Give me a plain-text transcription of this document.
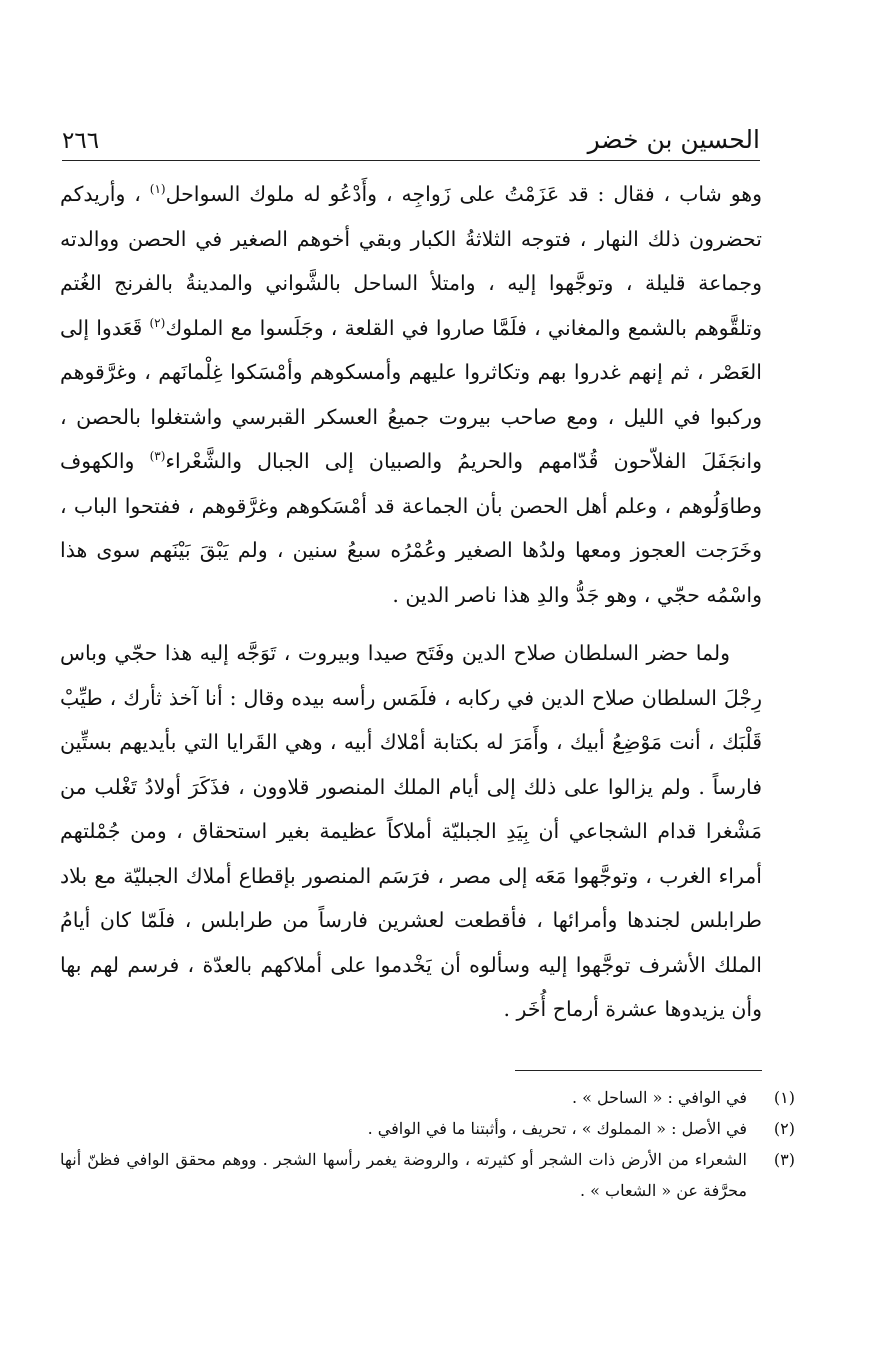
الحسين بن خضر
٢٦٦

وهو شاب ، فقال : قد عَزَمْتُ على زَواجِه ، وأَدْعُو له ملوك السواحل$^{(١)}$ ، وأريدكم تحضرون ذلك النهار ، فتوجه الثلاثةُ الكبار وبقي أخوهم الصغير في الحصن ووالدته وجماعة قليلة ، وتوجَّهوا إليه ، وامتلأ الساحل بالشَّواني والمدينةُ بالفرنج الغُتم وتلقَّوهم بالشمع والمغاني ، فلَمَّا صاروا في القلعة ، وجَلَسوا مع الملوك$^{(٢)}$ قَعَدوا إلى العَصْر ، ثم إنهم غدروا بهم وتكاثروا عليهم وأمسكوهم وأمْسَكوا غِلْمانَهم ، وغرَّقوهم وركبوا في الليل ، ومع صاحب بيروت جميعُ العسكر القبرسي واشتغلوا بالحصن ، وانجَفَلَ الفلاّحون قُدّامهم والحريمُ والصبيان إلى الجبال والشَّعْراء$^{(٣)}$ والكهوف وطاوَلُوهم ، وعلم أهل الحصن بأن الجماعة قد أمْسَكوهم وغرَّقوهم ، ففتحوا الباب ، وخَرَجت العجوز ومعها ولدُها الصغير وعُمْرُه سبعُ سنين ، ولم يَبْقَ بَيْنَهم سوى هذا واسْمُه حجّي ، وهو جَدُّ والدِ هذا ناصر الدين .

ولما حضر السلطان صلاح الدين وفَتَح صيدا وبيروت ، تَوَجَّه إليه هذا حجّي وباس رِجْلَ السلطان صلاح الدين في ركابه ، فلَمَس رأسه بيده وقال : أنا آخذ ثأرك ، طيِّبْ قَلْبَك ، أنت مَوْضِعُ أبيك ، وأَمَرَ له بكتابة أمْلاك أبيه ، وهي القَرايا التي بأيديهم بستِّين فارساً . ولم يزالوا على ذلك إلى أيام الملك المنصور قلاوون ، فذَكَرَ أولادُ تَغْلب من مَشْغرا قدام الشجاعي أن بِيَدِ الجبليّة أملاكاً عظيمة بغير استحقاق ، ومن جُمْلتهم أمراء الغرب ، وتوجَّهوا مَعَه إلى مصر ، فرَسَم المنصور بإقطاع أملاك الجبليّة مع بلاد طرابلس لجندها وأمرائها ، فأقطعت لعشرين فارساً من طرابلس ، فلَمّا كان أيامُ الملك الأشرف توجَّهوا إليه وسألوه أن يَخْدموا على أملاكهم بالعدّة ، فرسم لهم بها وأن يزيدوها عشرة أرماح أُخَر .

(١)
في الوافي : « الساحل » .
(٢)
في الأصل : « المملوك » ، تحريف ، وأثبتنا ما في الوافي .
(٣)
الشعراء من الأرض ذات الشجر أو كثيرته ، والروضة يغمر رأسها الشجر . ووهم محقق الوافي فظنّ أنها محرَّفة عن « الشعاب » .
